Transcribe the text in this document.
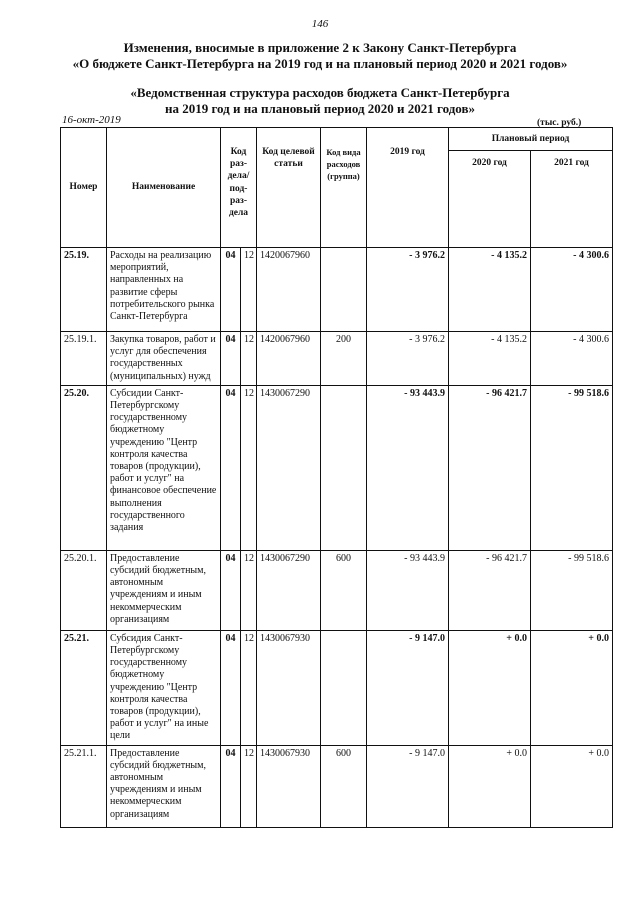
146
Изменения, вносимые в приложение 2 к Закону Санкт-Петербурга
«О бюджете Санкт-Петербурга на 2019 год и на плановый период 2020 и 2021 годов»
«Ведомственная структура расходов бюджета Санкт-Петербурга
на 2019 год и на плановый период 2020 и 2021 годов»
16-окт-2019	(тыс. руб.)
Номер	Наименование	Код раз-дела/ под-раз-дела		Код целевой статьи	Код вида расходов (группа)	2019 год	Плановый период	
							2020 год	2021 год
25.19.	Расходы на реализацию мероприятий, направленных на развитие сферы потребительского рынка Санкт-Петербурга	04	12	1420067960		- 3 976.2	- 4 135.2	- 4 300.6
25.19.1.	Закупка товаров, работ и услуг для обеспечения государственных (муниципальных) нужд	04	12	1420067960	200	- 3 976.2	- 4 135.2	- 4 300.6
25.20.	Субсидии Санкт-Петербургскому государственному бюджетному учреждению "Центр контроля качества товаров (продукции), работ и услуг" на финансовое обеспечение выполнения государственного задания	04	12	1430067290		- 93 443.9	- 96 421.7	- 99 518.6
25.20.1.	Предоставление субсидий бюджетным, автономным учреждениям и иным некоммерческим организациям	04	12	1430067290	600	- 93 443.9	- 96 421.7	- 99 518.6
25.21.	Субсидия Санкт-Петербургскому государственному бюджетному учреждению "Центр контроля качества товаров (продукции), работ и услуг" на иные цели	04	12	1430067930		- 9 147.0	+ 0.0	+ 0.0
25.21.1.	Предоставление субсидий бюджетным, автономным учреждениям и иным некоммерческим организациям	04	12	1430067930	600	- 9 147.0	+ 0.0	+ 0.0
